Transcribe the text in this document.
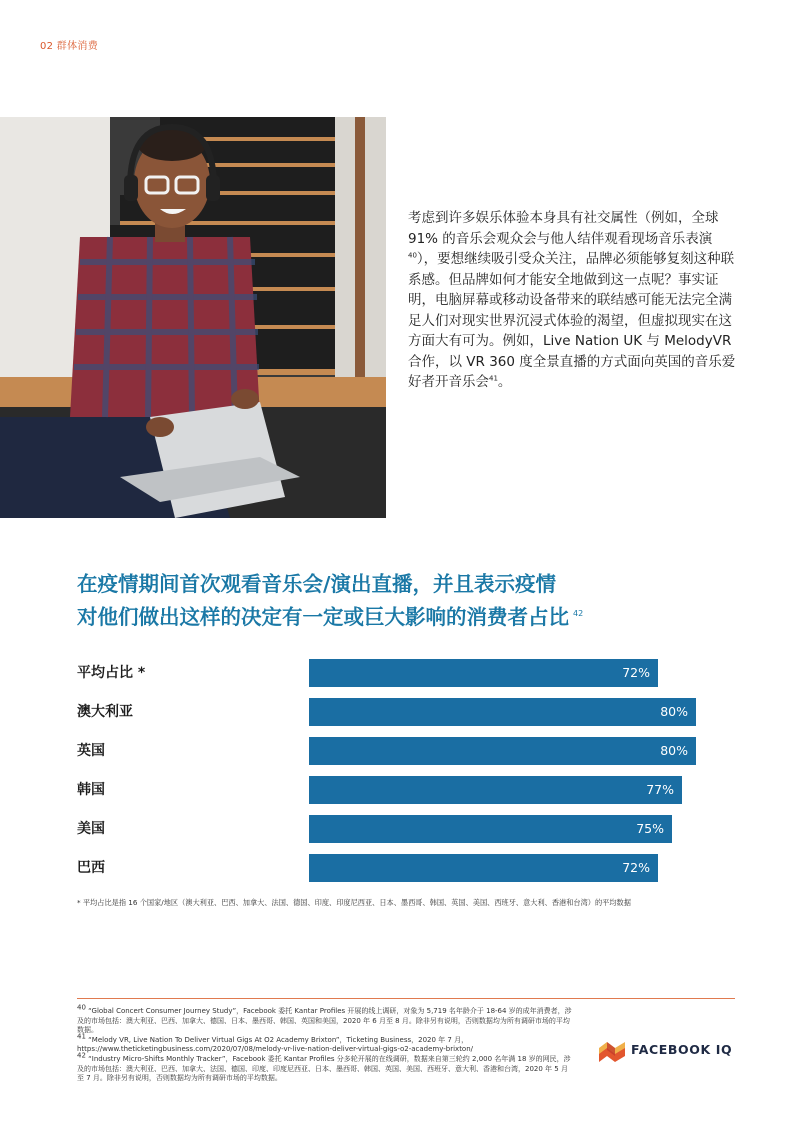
02 群体消费

考虑到许多娱乐体验本身具有社交属性（例如，全球 91% 的音乐会观众会与他人结伴观看现场音乐表演$^{40}$），要想继续吸引受众关注，品牌必须能够复刻这种联系感。但品牌如何才能安全地做到这一点呢？事实证明，电脑屏幕或移动设备带来的联结感可能无法完全满足人们对现实世界沉浸式体验的渴望，但虚拟现实在这方面大有可为。例如，Live Nation UK 与 MelodyVR 合作，以 VR 360 度全景直播的方式面向英国的音乐爱好者开音乐会$^{41}$。

在疫情期间首次观看音乐会/演出直播，并且表示疫情
对他们做出这样的决定有一定或巨大影响的消费者占比 $^{42}$
平均占比 *	72%
澳大利亚	80%
英国	80%
韩国	77%
美国	75%
巴西	72%
* 平均占比是指 16 个国家/地区（澳大利亚、巴西、加拿大、法国、德国、印度、印度尼西亚、日本、墨西哥、韩国、英国、美国、西班牙、意大利、香港和台湾）的平均数据

$^{40}$ “Global Concert Consumer Journey Study”，Facebook 委托 Kantar Profiles 开展的线上调研，对象为 5,719 名年龄介于 18-64 岁的成年消费者，涉及的市场包括：澳大利亚、巴西、加拿大、德国、日本、墨西哥、韩国、英国和美国，2020 年 6 月至 8 月。除非另有说明，否则数据均为所有调研市场的平均数据。

$^{41}$ “Melody VR, Live Nation To Deliver Virtual Gigs At O2 Academy Brixton”，Ticketing Business，2020 年 7 月，https://www.theticketingbusiness.com/2020/07/08/melody-vr-live-nation-deliver-virtual-gigs-o2-academy-brixton/

$^{42}$ “Industry Micro-Shifts Monthly Tracker”，Facebook 委托 Kantar Profiles 分多轮开展的在线调研，数据来自第三轮约 2,000 名年满 18 岁的网民，涉及的市场包括：澳大利亚、巴西、加拿大、法国、德国、印度、印度尼西亚、日本、墨西哥、韩国、英国、美国、西班牙、意大利、香港和台湾，2020 年 5 月至 7 月。除非另有说明，否则数据均为所有调研市场的平均数据。

FACEBOOK IQ
